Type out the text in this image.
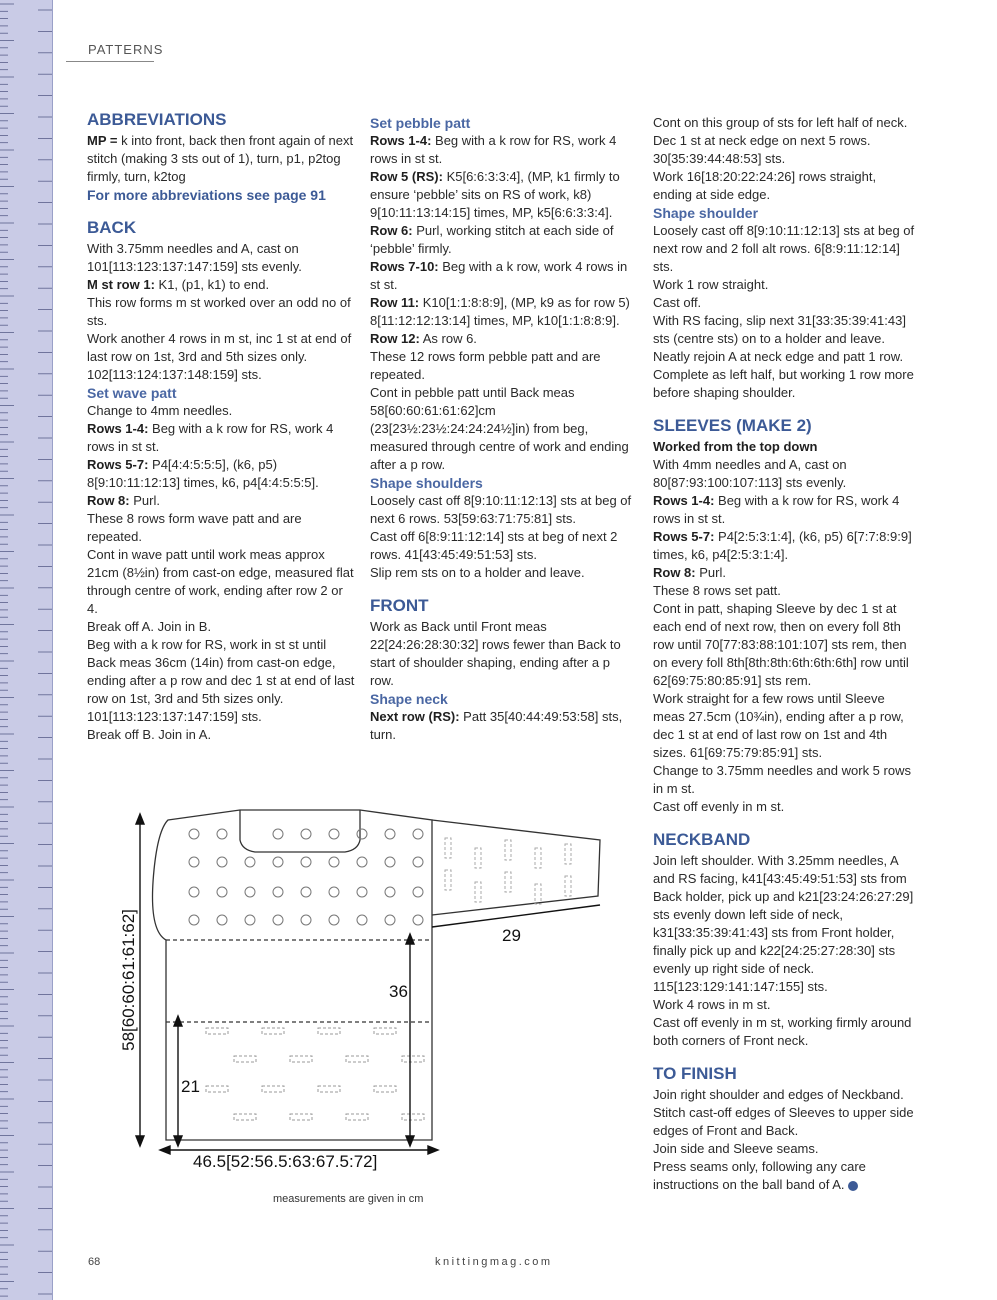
PATTERNS
ABBREVIATIONS

MP = k into front, back then front again of next stitch (making 3 sts out of 1), turn, p1, p2tog firmly, turn, k2tog

For more abbreviations see page 91
BACK

With 3.75mm needles and A, cast on 101[113:123:137:147:159] sts evenly.

M st row 1: K1, (p1, k1) to end.

This row forms m st worked over an odd no of sts.

Work another 4 rows in m st, inc 1 st at end of last row on 1st, 3rd and 5th sizes only. 102[113:124:137:148:159] sts.

Set wave patt

Change to 4mm needles.

Rows 1-4: Beg with a k row for RS, work 4 rows in st st.

Rows 5-7: P4[4:4:5:5:5], (k6, p5) 8[9:10:11:12:13] times, k6, p4[4:4:5:5:5].

Row 8: Purl.

These 8 rows form wave patt and are repeated.

Cont in wave patt until work meas approx 21cm (8½in) from cast-on edge, measured flat through centre of work, ending after row 2 or 4.

Break off A. Join in B.

Beg with a k row for RS, work in st st until Back meas 36cm (14in) from cast-on edge, ending after a p row and dec 1 st at end of last row on 1st, 3rd and 5th sizes only. 101[113:123:137:147:159] sts.

Break off B. Join in A.

Set pebble patt

Rows 1-4: Beg with a k row for RS, work 4 rows in st st.

Row 5 (RS): K5[6:6:3:3:4], (MP, k1 firmly to ensure ‘pebble’ sits on RS of work, k8) 9[10:11:13:14:15] times, MP, k5[6:6:3:3:4].

Row 6: Purl, working stitch at each side of ‘pebble’ firmly.

Rows 7-10: Beg with a k row, work 4 rows in st st.

Row 11: K10[1:1:8:8:9], (MP, k9 as for row 5) 8[11:12:12:13:14] times, MP, k10[1:1:8:8:9].

Row 12: As row 6.

These 12 rows form pebble patt and are repeated.

Cont in pebble patt until Back meas 58[60:60:61:61:62]cm (23[23½:23½:24:24:24½]in) from beg, measured through centre of work and ending after a p row.

Shape shoulders

Loosely cast off 8[9:10:11:12:13] sts at beg of next 6 rows. 53[59:63:71:75:81] sts.

Cast off 6[8:9:11:12:14] sts at beg of next 2 rows. 41[43:45:49:51:53] sts.

Slip rem sts on to a holder and leave.

FRONT

Work as Back until Front meas 22[24:26:28:30:32] rows fewer than Back to start of shoulder shaping, ending after a p row.

Shape neck

Next row (RS): Patt 35[40:44:49:53:58] sts, turn.

Cont on this group of sts for left half of neck.

Dec 1 st at neck edge on next 5 rows. 30[35:39:44:48:53] sts.

Work 16[18:20:22:24:26] rows straight, ending at side edge.

Shape shoulder

Loosely cast off 8[9:10:11:12:13] sts at beg of next row and 2 foll alt rows. 6[8:9:11:12:14] sts.

Work 1 row straight.

Cast off.

With RS facing, slip next 31[33:35:39:41:43] sts (centre sts) on to a holder and leave. Neatly rejoin A at neck edge and patt 1 row.

Complete as left half, but working 1 row more before shaping shoulder.

SLEEVES (MAKE 2)

Worked from the top down

With 4mm needles and A, cast on 80[87:93:100:107:113] sts evenly.

Rows 1-4: Beg with a k row for RS, work 4 rows in st st.

Rows 5-7: P4[2:5:3:1:4], (k6, p5) 6[7:7:8:9:9] times, k6, p4[2:5:3:1:4].

Row 8: Purl.

These 8 rows set patt.

Cont in patt, shaping Sleeve by dec 1 st at each end of next row, then on every foll 8th row until 70[77:83:88:101:107] sts rem, then on every foll 8th[8th:8th:6th:6th:6th] row until 62[69:75:80:85:91] sts rem.

Work straight for a few rows until Sleeve meas 27.5cm (10¾in), ending after a p row, dec 1 st at end of last row on 1st and 4th sizes. 61[69:75:79:85:91] sts.

Change to 3.75mm needles and work 5 rows in m st.

Cast off evenly in m st.

NECKBAND

Join left shoulder. With 3.25mm needles, A and RS facing, k41[43:45:49:51:53] sts from Back holder, pick up and k21[23:24:26:27:29] sts evenly down left side of neck, k31[33:35:39:41:43] sts from Front holder, finally pick up and k22[24:25:27:28:30] sts evenly up right side of neck. 115[123:129:141:147:155] sts.

Work 4 rows in m st.

Cast off evenly in m st, working firmly around both corners of Front neck.

TO FINISH

Join right shoulder and edges of Neckband. Stitch cast-off edges of Sleeves to upper side edges of Front and Back.

Join side and Sleeve seams.

Press seams only, following any care instructions on the ball band of A.

58[60:60:61:61:62]	29
36
21
46.5[52:56.5:63:67.5:72]
measurements are given in cm
68	knittingmag.com
